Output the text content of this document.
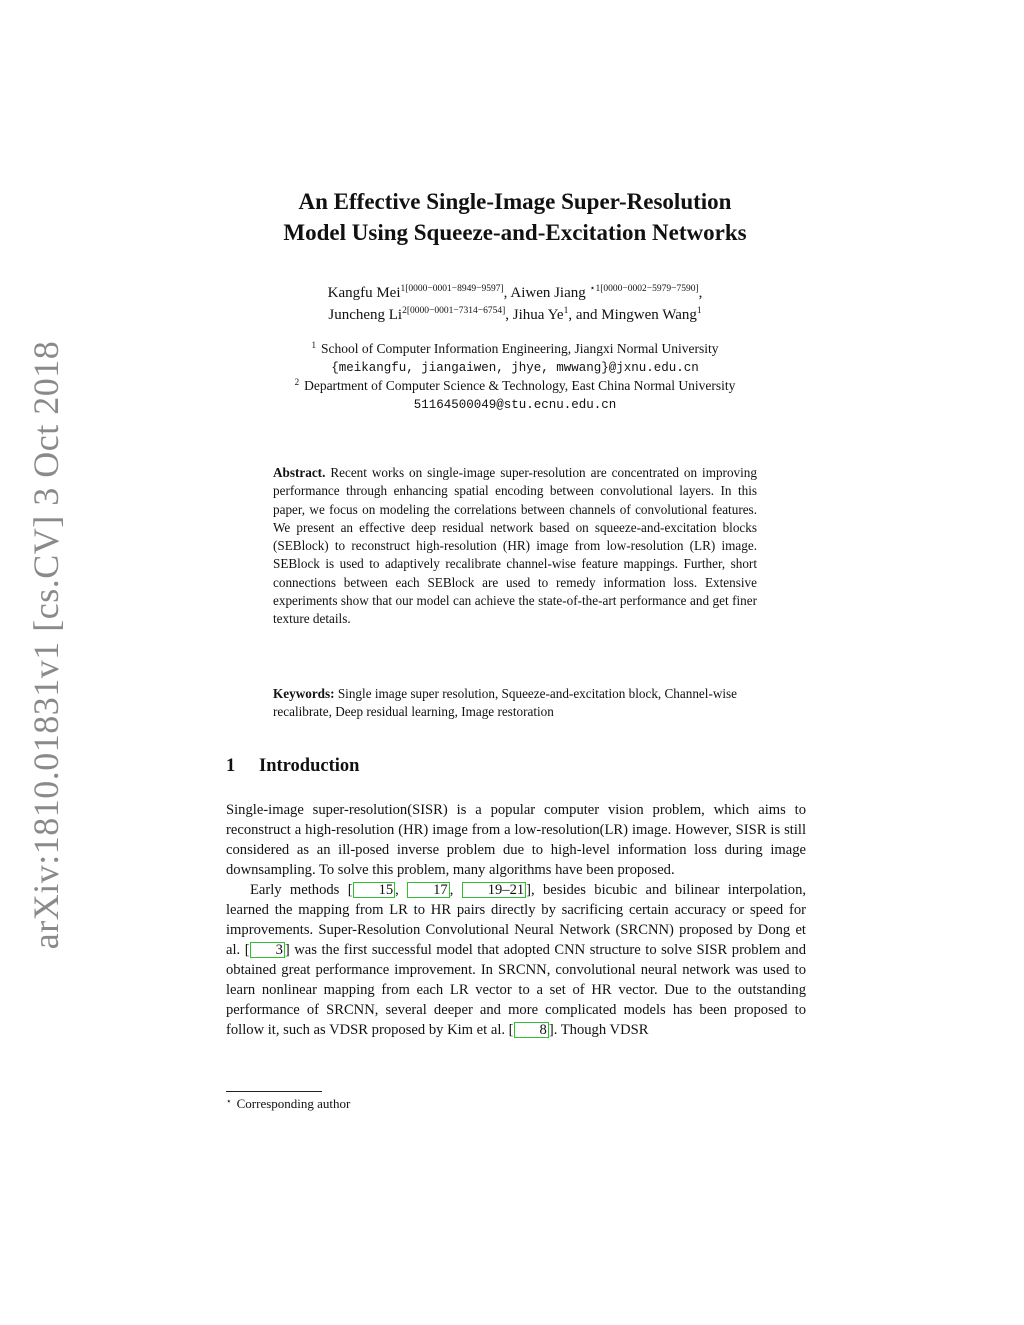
arXiv:1810.01831v1 [cs.CV] 3 Oct 2018
An Effective Single-Image Super-Resolution
Model Using Squeeze-and-Excitation Networks
Kangfu Mei$^{1[0000-0001-8949-9597]}$, Aiwen Jiang $^{⋆1[0000-0002-5979-7590]}$,
Juncheng $Li^{2[0000-0001-7314-6754]}$, Jihua Ye$^1$, and Mingwen Wang$^1$
$^1$ School of Computer Information Engineering, Jiangxi Normal University
{meikangfu, jiangaiwen, jhye, mwwang}@jxnu.edu.cn
$^2$ Department of Computer Science & Technology, East China Normal University
51164500049@stu.ecnu.edu.cn
Abstract. Recent works on single-image super-resolution are concentrated on improving performance through enhancing spatial encoding between convolutional layers. In this paper, we focus on modeling the correlations between channels of convolutional features. We present an effective deep residual network based on squeeze-and-excitation blocks (SEBlock) to reconstruct high-resolution (HR) image from low-resolution (LR) image. SEBlock is used to adaptively recalibrate channel-wise feature mappings. Further, short connections between each SEBlock are used to remedy information loss. Extensive experiments show that our model can achieve the state-of-the-art performance and get finer texture details.
Keywords: Single image super resolution, Squeeze-and-excitation block, Channel-wise recalibrate, Deep residual learning, Image restoration
1 Introduction

Single-image super-resolution(SISR) is a popular computer vision problem, which aims to reconstruct a high-resolution (HR) image from a low-resolution(LR) image. However, SISR is still considered as an ill-posed inverse problem due to high-level information loss during image downsampling. To solve this problem, many algorithms have been proposed.

Early methods [ 15 , 17 , 19–21 ], besides bicubic and bilinear interpolation, learned the mapping from LR to HR pairs directly by sacrificing certain accuracy or speed for improvements. Super-Resolution Convolutional Neural Network (SRCNN) proposed by Dong et al. [ 3 ] was the first successful model that adopted CNN structure to solve SISR problem and obtained great performance improvement. In SRCNN, convolutional neural network was used to learn nonlinear mapping from each LR vector to a set of HR vector. Due to the outstanding performance of SRCNN, several deeper and more complicated models has been proposed to follow it, such as VDSR proposed by Kim et al. [ 8 ]. Though VDSR

⋆ Corresponding author
